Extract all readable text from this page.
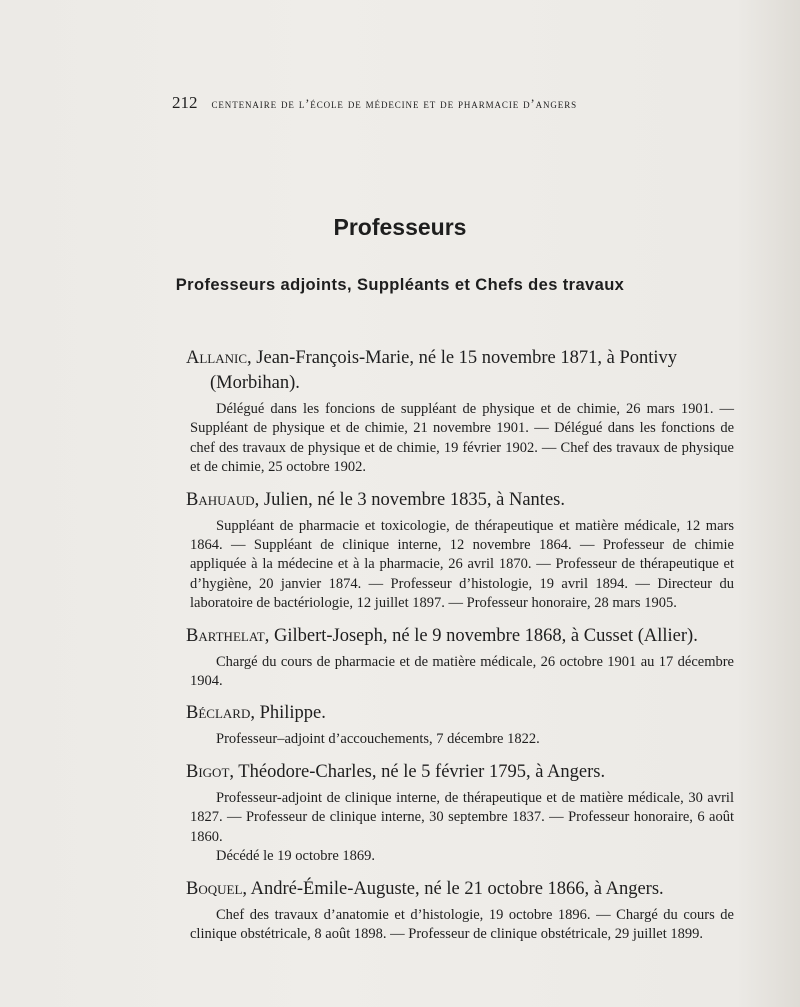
212 centenaire de l’école de médecine et de pharmacie d’angers
Professeurs
Professeurs adjoints, Suppléants et Chefs des travaux

Allanic, Jean-François-Marie, né le 15 novembre 1871, à Pontivy (Morbihan).

Délégué dans les foncions de suppléant de physique et de chimie, 26 mars 1901. — Suppléant de physique et de chimie, 21 novembre 1901. — Délégué dans les fonctions de chef des travaux de physique et de chimie, 19 février 1902. — Chef des travaux de physique et de chimie, 25 octobre 1902.

Bahuaud, Julien, né le 3 novembre 1835, à Nantes.

Suppléant de pharmacie et toxicologie, de thérapeutique et matière médicale, 12 mars 1864. — Suppléant de clinique interne, 12 novembre 1864. — Professeur de chimie appliquée à la médecine et à la pharmacie, 26 avril 1870. — Professeur de thérapeutique et d’hygiène, 20 janvier 1874. — Professeur d’histologie, 19 avril 1894. — Directeur du laboratoire de bactériologie, 12 juillet 1897. — Professeur honoraire, 28 mars 1905.

Barthelat, Gilbert-Joseph, né le 9 novembre 1868, à Cusset (Allier).

Chargé du cours de pharmacie et de matière médicale, 26 octobre 1901 au 17 décembre 1904.

Béclard, Philippe.

Professeur–adjoint d’accouchements, 7 décembre 1822.

Bigot, Théodore-Charles, né le 5 février 1795, à Angers.

Professeur-adjoint de clinique interne, de thérapeutique et de matière médicale, 30 avril 1827. — Professeur de clinique interne, 30 septembre 1837. — Professeur honoraire, 6 août 1860.

Décédé le 19 octobre 1869.

Boquel, André-Émile-Auguste, né le 21 octobre 1866, à Angers.

Chef des travaux d’anatomie et d’histologie, 19 octobre 1896. — Chargé du cours de clinique obstétricale, 8 août 1898. — Professeur de clinique obstétricale, 29 juillet 1899.
